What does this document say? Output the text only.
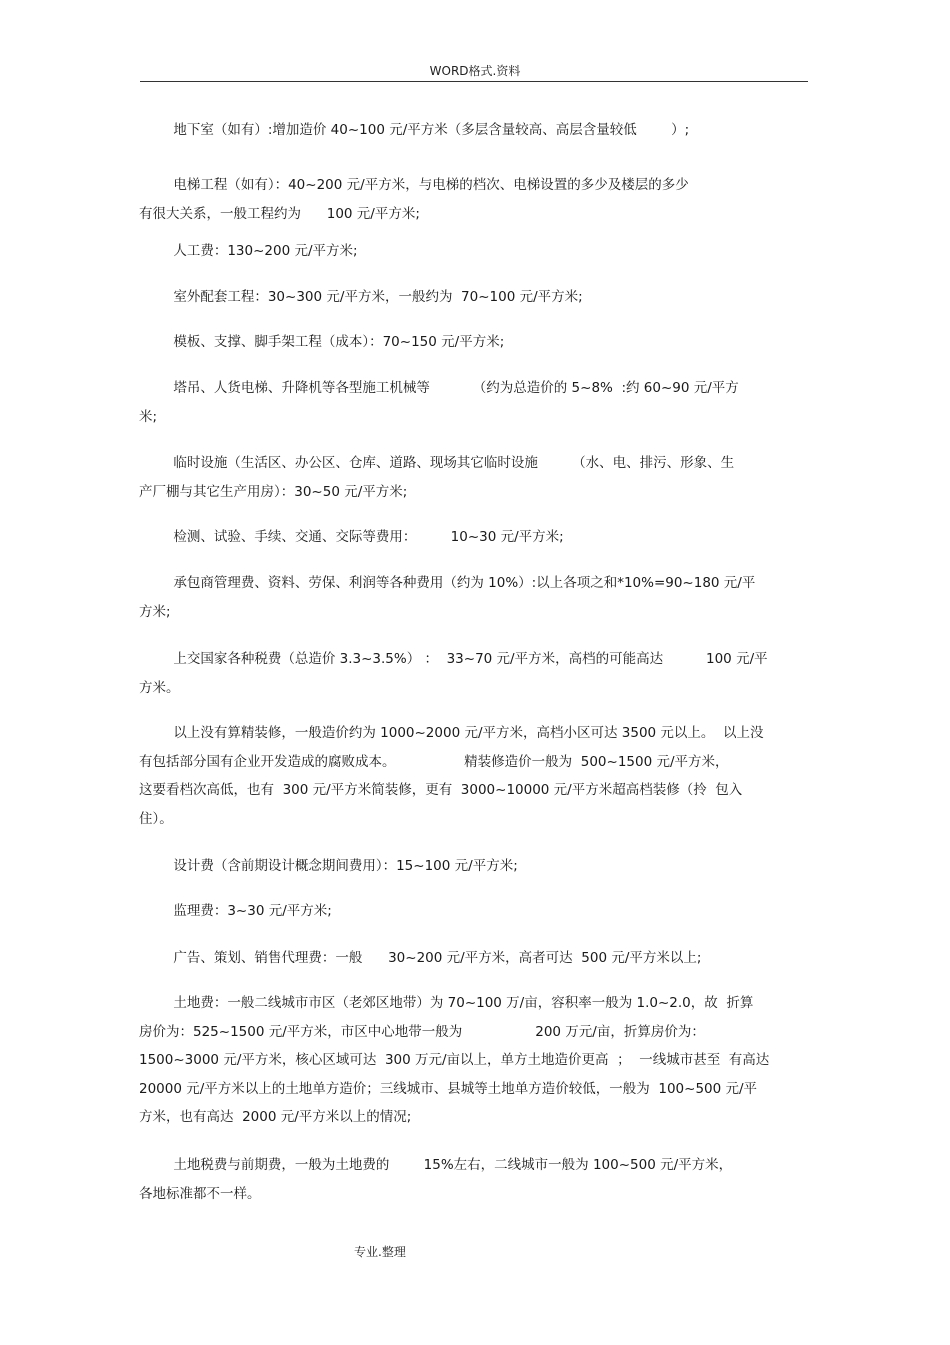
WORD格式.资料

地下室（如有）:增加造价 40~100 元/平方米（多层含量较高、高层含量较低        ）;

电梯工程（如有）：40~200 元/平方米，与电梯的档次、电梯设置的多少及楼层的多少
有很大关系，一般工程约为      100 元/平方米;

人工费：130~200 元/平方米;

室外配套工程：30~300 元/平方米，一般约为  70~100 元/平方米;

模板、支撑、脚手架工程（成本）：70~150 元/平方米;

塔吊、人货电梯、升降机等各型施工机械等          （约为总造价的 5~8%  :约 60~90 元/平方
米;

临时设施（生活区、办公区、仓库、道路、现场其它临时设施        （水、电、排污、形象、生
产厂棚与其它生产用房）：30~50 元/平方米;

检测、试验、手续、交通、交际等费用：        10~30 元/平方米;

承包商管理费、资料、劳保、利润等各种费用（约为 10%）:以上各项之和*10%=90~180 元/平
方米;

上交国家各种税费（总造价 3.3~3.5%） ：  33~70 元/平方米，高档的可能高达          100 元/平
方米。

以上没有算精装修，一般造价约为 1000~2000 元/平方米，高档小区可达 3500 元以上。  以上没
有包括部分国有企业开发造成的腐败成本。                精装修造价一般为  500~1500 元/平方米，
这要看档次高低，也有  300 元/平方米简装修，更有  3000~10000 元/平方米超高档装修（拎  包入
住）。

设计费（含前期设计概念期间费用）：15~100 元/平方米;

监理费：3~30 元/平方米;

广告、策划、销售代理费：一般      30~200 元/平方米，高者可达  500 元/平方米以上;

土地费：一般二线城市市区（老郊区地带）为 70~100 万/亩，容积率一般为 1.0~2.0，故  折算
房价为：525~1500 元/平方米，市区中心地带一般为                 200 万元/亩，折算房价为：
1500~3000 元/平方米，核心区域可达  300 万元/亩以上，单方土地造价更高  ；  一线城市甚至  有高达
20000 元/平方米以上的土地单方造价；三线城市、县城等土地单方造价较低，一般为  100~500 元/平
方米，也有高达  2000 元/平方米以上的情况;

土地税费与前期费，一般为土地费的        15%左右，二线城市一般为 100~500 元/平方米，
各地标准都不一样。

专业.整理
